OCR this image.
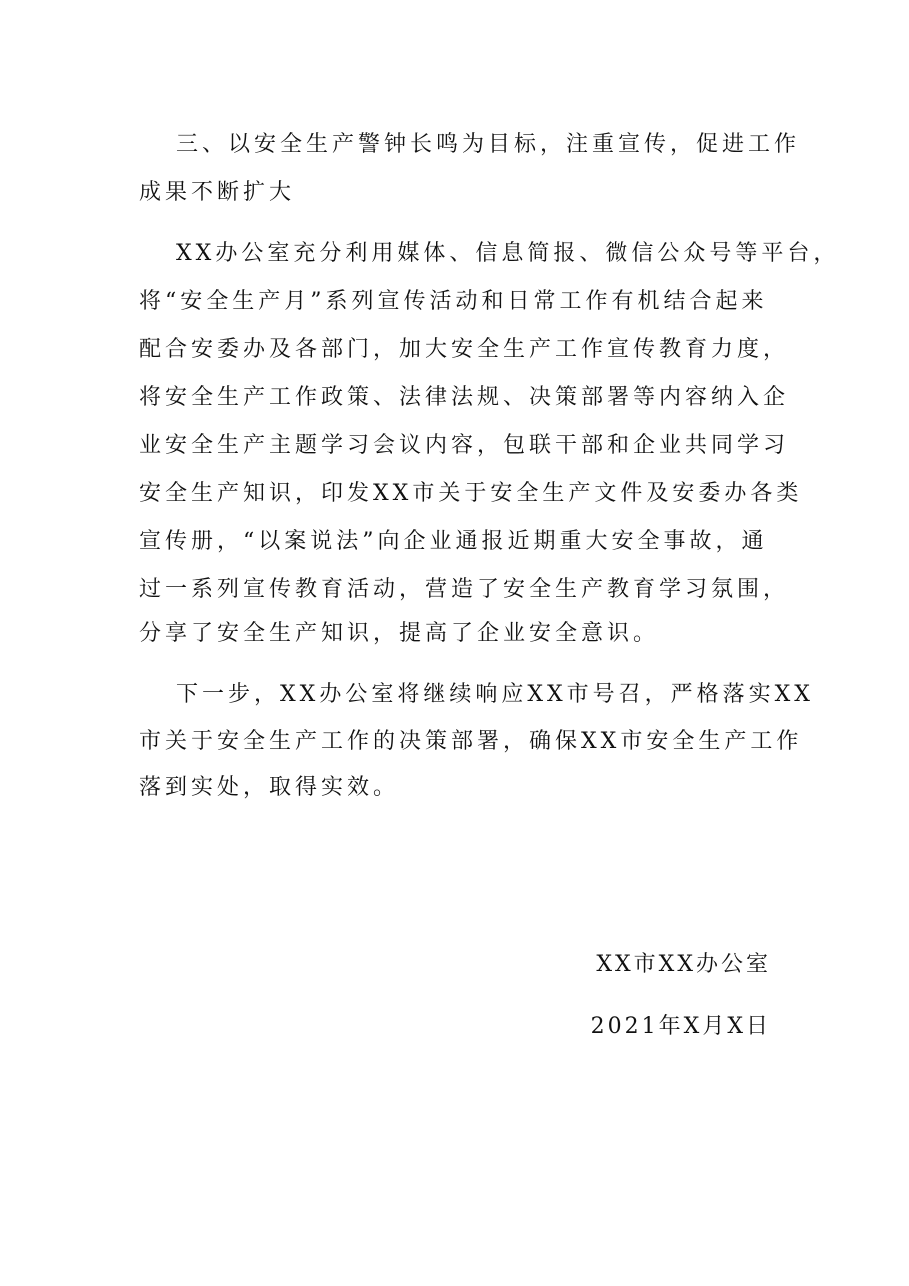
三、以安全生产警钟长鸣为目标，注重宣传，促进工作
成果不断扩大
XX办公室充分利用媒体、信息简报、微信公众号等平台，
将“安全生产月”系列宣传活动和日常工作有机结合起来
配合安委办及各部门，加大安全生产工作宣传教育力度，
将安全生产工作政策、法律法规、决策部署等内容纳入企
业安全生产主题学习会议内容，包联干部和企业共同学习
安全生产知识，印发XX市关于安全生产文件及安委办各类
宣传册，“以案说法”向企业通报近期重大安全事故，通
过一系列宣传教育活动，营造了安全生产教育学习氛围，
分享了安全生产知识，提高了企业安全意识。
下一步，XX办公室将继续响应XX市号召，严格落实XX
市关于安全生产工作的决策部署，确保XX市安全生产工作
落到实处，取得实效。
XX市XX办公室
2021年X月X日
